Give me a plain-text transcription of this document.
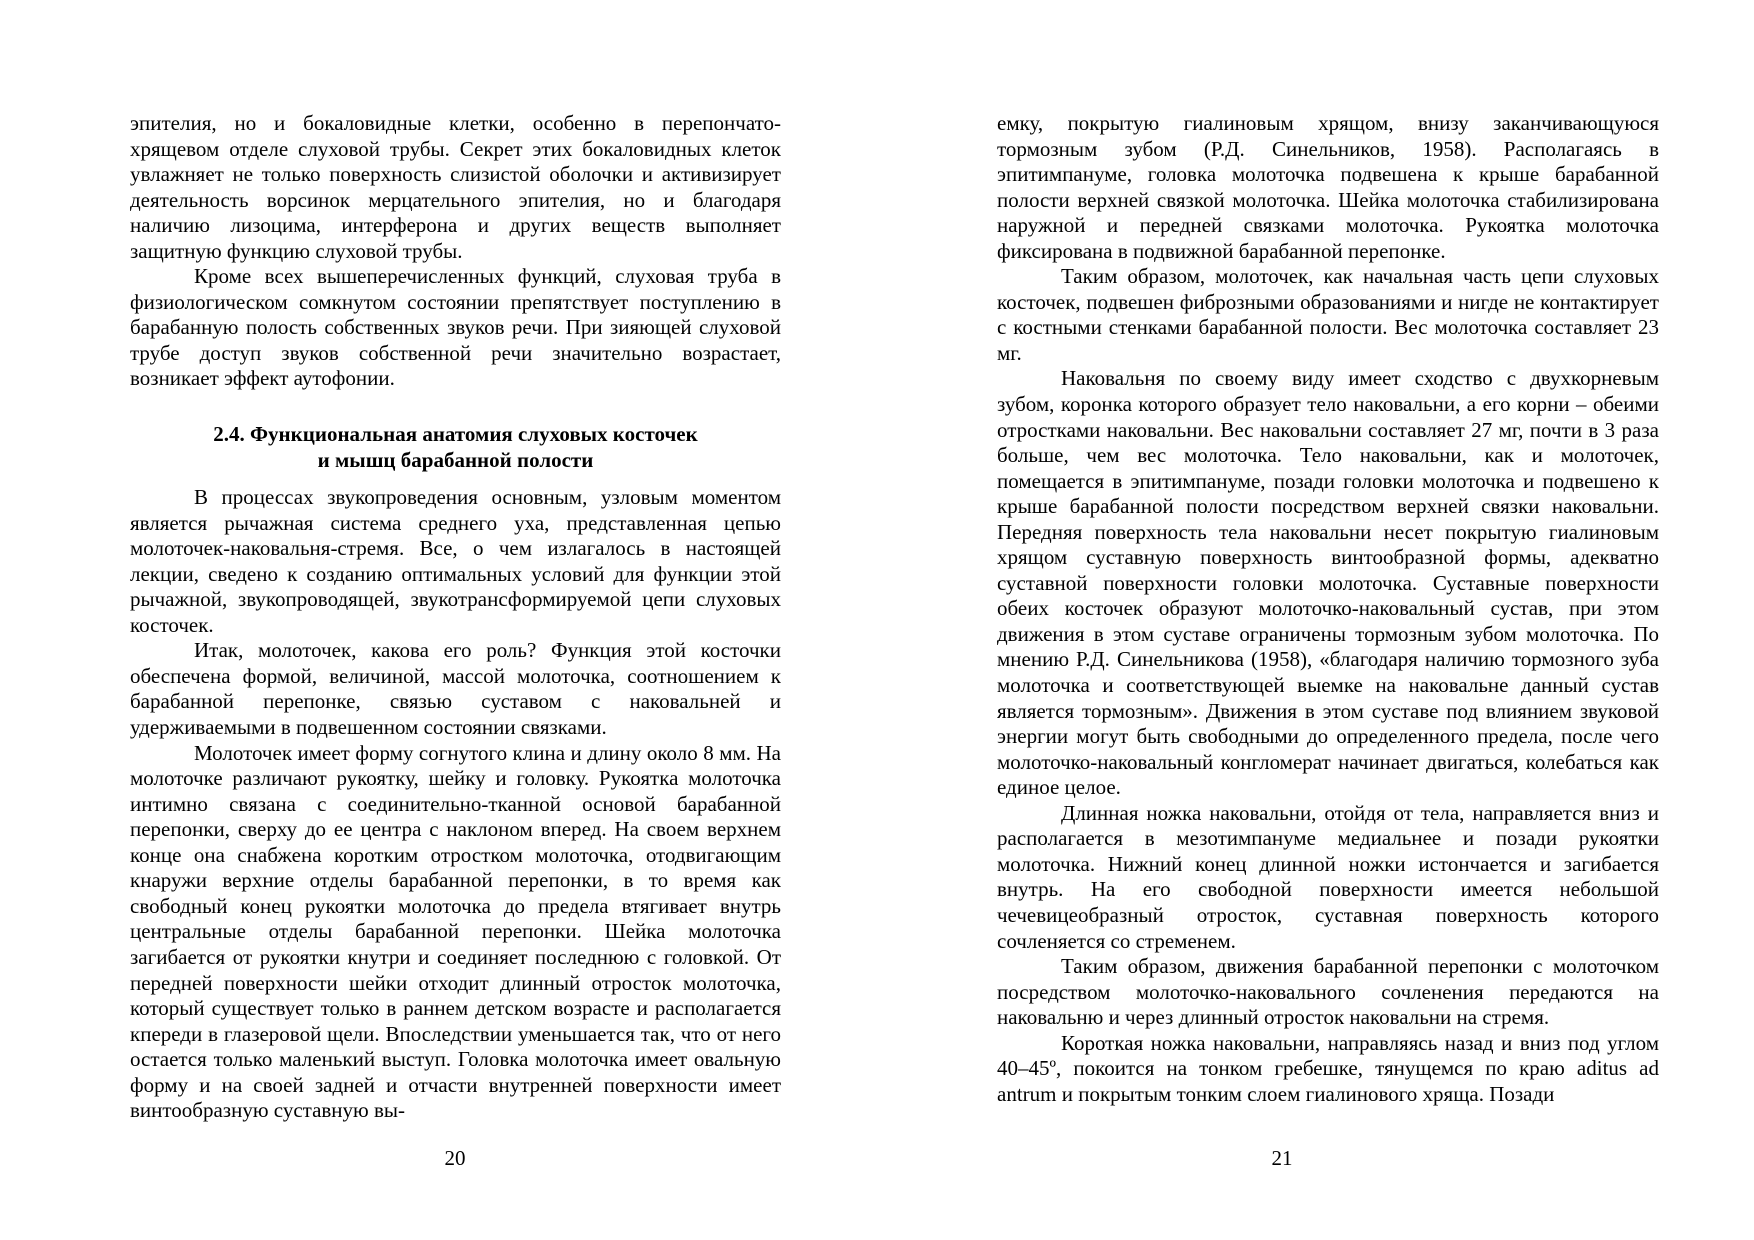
эпителия, но и бокаловидные клетки, особенно в перепончато-хрящевом отделе слуховой трубы. Секрет этих бокаловидных клеток увлажняет не только поверхность слизистой оболочки и активизирует деятельность ворсинок мерцательного эпителия, но и благодаря наличию лизоцима, интерферона и других веществ выполняет защитную функцию слуховой трубы.

Кроме всех вышеперечисленных функций, слуховая труба в физиологическом сомкнутом состоянии препятствует поступлению в барабанную полость собственных звуков речи. При зияющей слуховой трубе доступ звуков собственной речи значительно возрастает, возникает эффект аутофонии.

2.4. Функциональная анатомия слуховых косточек
и мышц барабанной полости

В процессах звукопроведения основным, узловым моментом является рычажная система среднего уха, представленная цепью молоточек-наковальня-стремя. Все, о чем излагалось в настоящей лекции, сведено к созданию оптимальных условий для функции этой рычажной, звукопроводящей, звукотрансформируемой цепи слуховых косточек.

Итак, молоточек, какова его роль? Функция этой косточки обеспечена формой, величиной, массой молоточка, соотношением к барабанной перепонке, связью суставом с наковальней и удерживаемыми в подвешенном состоянии связками.

Молоточек имеет форму согнутого клина и длину около 8 мм. На молоточке различают рукоятку, шейку и головку. Рукоятка молоточка интимно связана с соединительно-тканной основой барабанной перепонки, сверху до ее центра с наклоном вперед. На своем верхнем конце она снабжена коротким отростком молоточка, отодвигающим кнаружи верхние отделы барабанной перепонки, в то время как свободный конец рукоятки молоточка до предела втягивает внутрь центральные отделы барабанной перепонки. Шейка молоточка загибается от рукоятки кнутри и соединяет последнюю с головкой. От передней поверхности шейки отходит длинный отросток молоточка, который существует только в раннем детском возрасте и располагается кпереди в глазеровой щели. Впоследствии уменьшается так, что от него остается только маленький выступ. Головка молоточка имеет овальную форму и на своей задней и отчасти внутренней поверхности имеет винтообразную суставную вы-

20

емку, покрытую гиалиновым хрящом, внизу заканчивающуюся тормозным зубом (Р.Д. Синельников, 1958). Располагаясь в эпитимпануме, головка молоточка подвешена к крыше барабанной полости верхней связкой молоточка. Шейка молоточка стабилизирована наружной и передней связками молоточка. Рукоятка молоточка фиксирована в подвижной барабанной перепонке.

Таким образом, молоточек, как начальная часть цепи слуховых косточек, подвешен фиброзными образованиями и нигде не контактирует с костными стенками барабанной полости. Вес молоточка составляет 23 мг.

Наковальня по своему виду имеет сходство с двухкорневым зубом, коронка которого образует тело наковальни, а его корни – обеими отростками наковальни. Вес наковальни составляет 27 мг, почти в 3 раза больше, чем вес молоточка. Тело наковальни, как и молоточек, помещается в эпитимпануме, позади головки молоточка и подвешено к крыше барабанной полости посредством верхней связки наковальни. Передняя поверхность тела наковальни несет покрытую гиалиновым хрящом суставную поверхность винтообразной формы, адекватно суставной поверхности головки молоточка. Суставные поверхности обеих косточек образуют молоточко-наковальный сустав, при этом движения в этом суставе ограничены тормозным зубом молоточка. По мнению Р.Д. Синельникова (1958), «благодаря наличию тормозного зуба молоточка и соответствующей выемке на наковальне данный сустав является тормозным». Движения в этом суставе под влиянием звуковой энергии могут быть свободными до определенного предела, после чего молоточко-наковальный конгломерат начинает двигаться, колебаться как единое целое.

Длинная ножка наковальни, отойдя от тела, направляется вниз и располагается в мезотимпануме медиальнее и позади рукоятки молоточка. Нижний конец длинной ножки истончается и загибается внутрь. На его свободной поверхности имеется небольшой чечевицеобразный отросток, суставная поверхность которого сочленяется со стременем.

Таким образом, движения барабанной перепонки с молоточком посредством молоточко-наковального сочленения передаются на наковальню и через длинный отросток наковальни на стремя.

Короткая ножка наковальни, направляясь назад и вниз под углом 40–45º, покоится на тонком гребешке, тянущемся по краю aditus ad antrum и покрытым тонким слоем гиалинового хряща. Позади

21
